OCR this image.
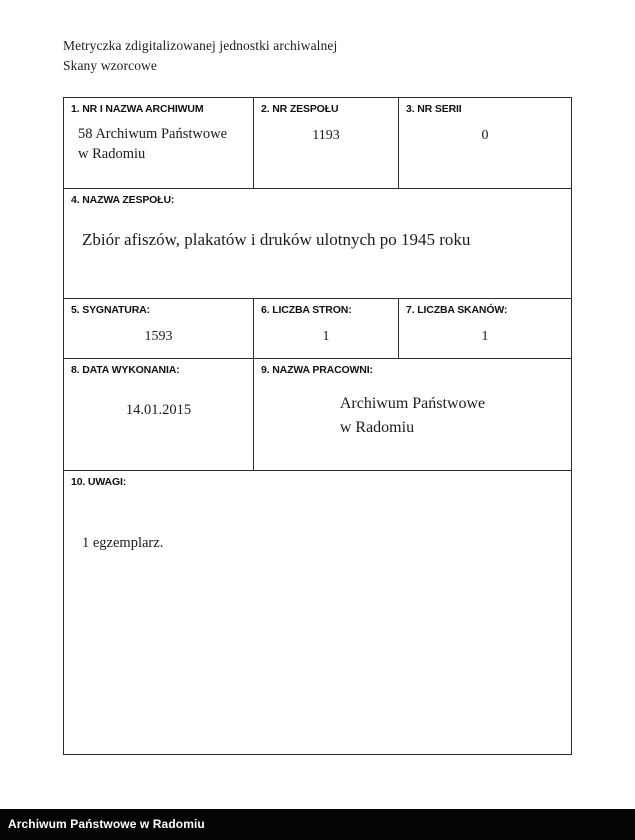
Metryczka zdigitalizowanej jednostki archiwalnej
Skany wzorcowe
1. NR I NAZWA ARCHIWUM
58 Archiwum Państwowe
w Radomiu

2. NR ZESPOŁU
1193

3. NR SERII
0

4. NAZWA ZESPOŁU:
Zbiór afiszów, plakatów i druków ulotnych po 1945 roku		

5. SYGNATURA:
1593

6. LICZBA STRON:
1

7. LICZBA SKANÓW:
1

8. DATA WYKONANIA:
14.01.2015

9. NAZWA PRACOWNI:
Archiwum Państwowe
w Radomiu

10. UWAGI:
1 egzemplarz.		
Archiwum Państwowe w Radomiu
